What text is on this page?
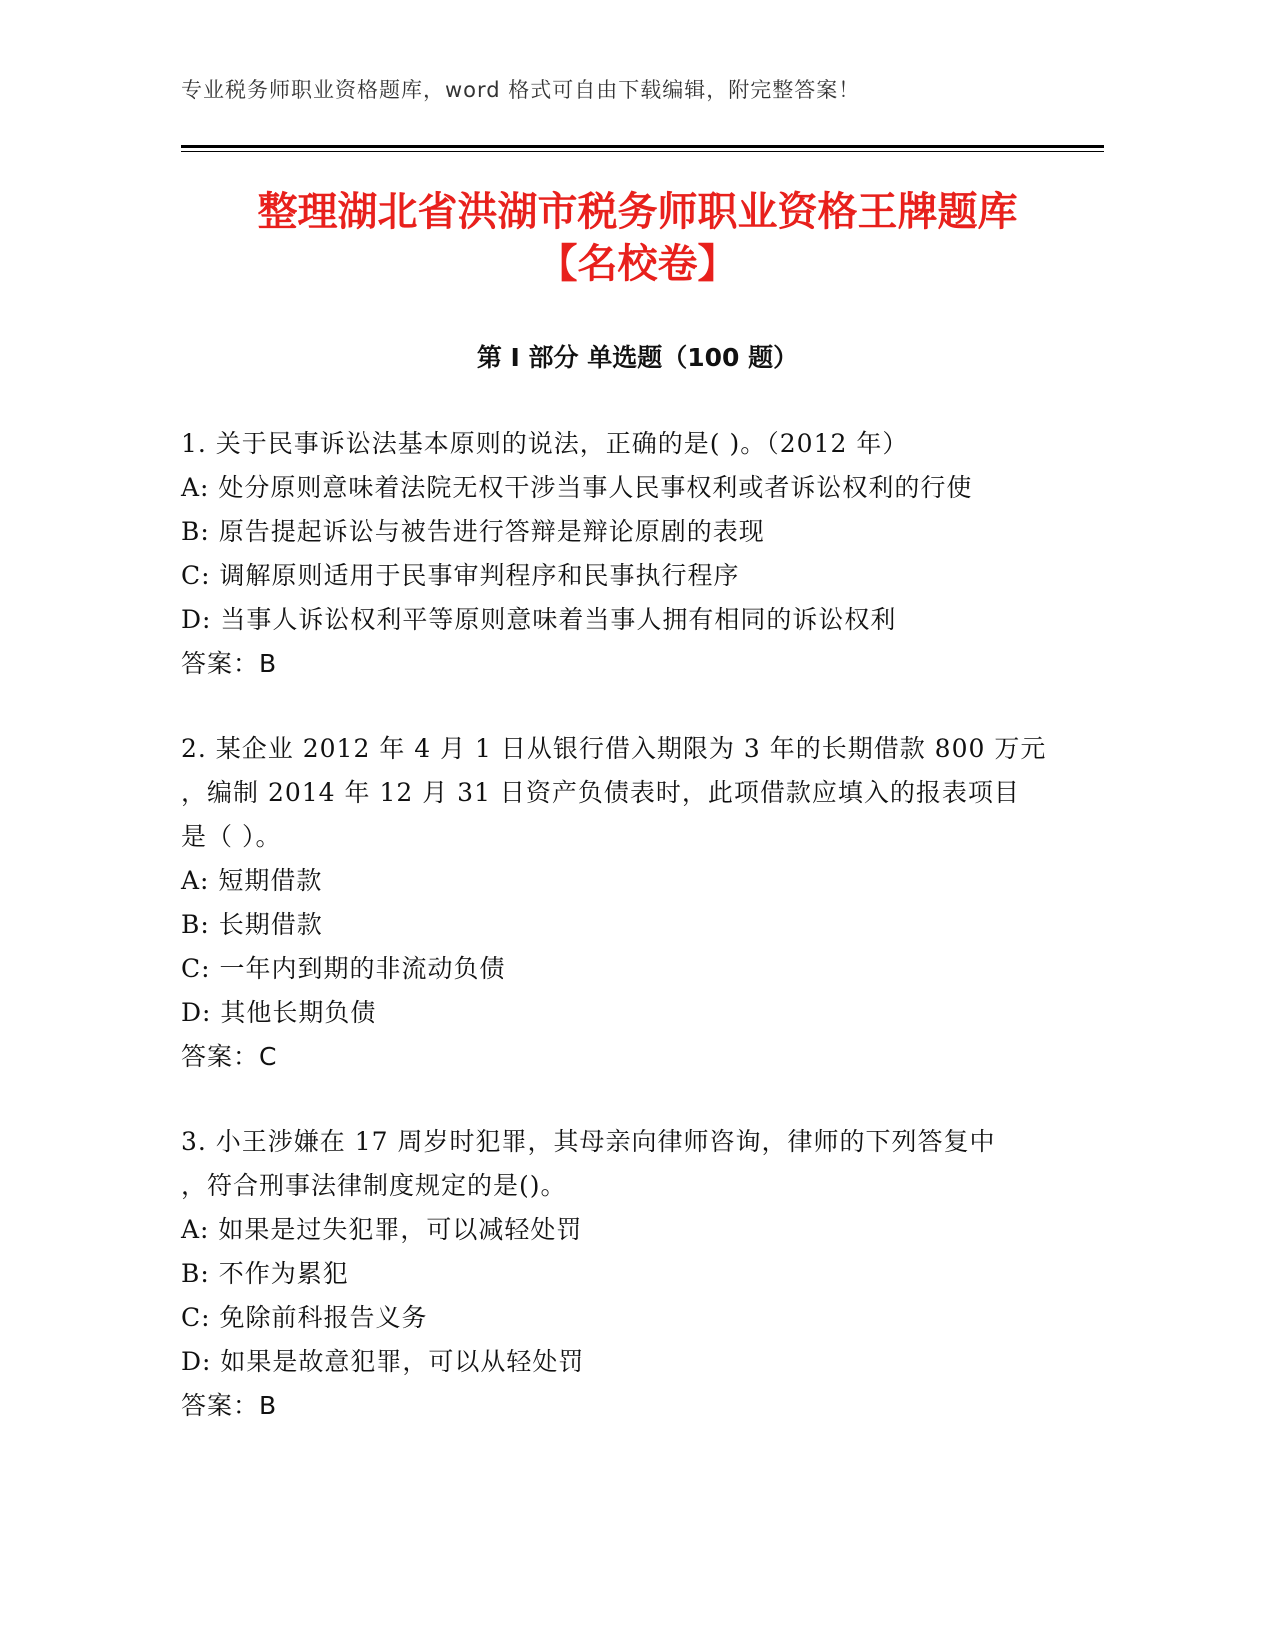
专业税务师职业资格题库，word 格式可自由下载编辑，附完整答案！
整理湖北省洪湖市税务师职业资格王牌题库
【名校卷】
第 I 部分 单选题（100 题）
1. 关于民事诉讼法基本原则的说法，正确的是( )。（2012 年）
A: 处分原则意味着法院无权干涉当事人民事权利或者诉讼权利的行使
B: 原告提起诉讼与被告进行答辩是辩论原剧的表现
C: 调解原则适用于民事审判程序和民事执行程序
D: 当事人诉讼权利平等原则意味着当事人拥有相同的诉讼权利
答案：B
2. 某企业 2012 年 4 月 1 日从银行借入期限为 3 年的长期借款 800 万元
，编制 2014 年 12 月 31 日资产负债表时，此项借款应填入的报表项目
是（ ）。
A: 短期借款
B: 长期借款
C: 一年内到期的非流动负债
D: 其他长期负债
答案：C
3. 小王涉嫌在 17 周岁时犯罪，其母亲向律师咨询，律师的下列答复中
，符合刑事法律制度规定的是()。
A: 如果是过失犯罪，可以减轻处罚
B: 不作为累犯
C: 免除前科报告义务
D: 如果是故意犯罪，可以从轻处罚
答案：B
